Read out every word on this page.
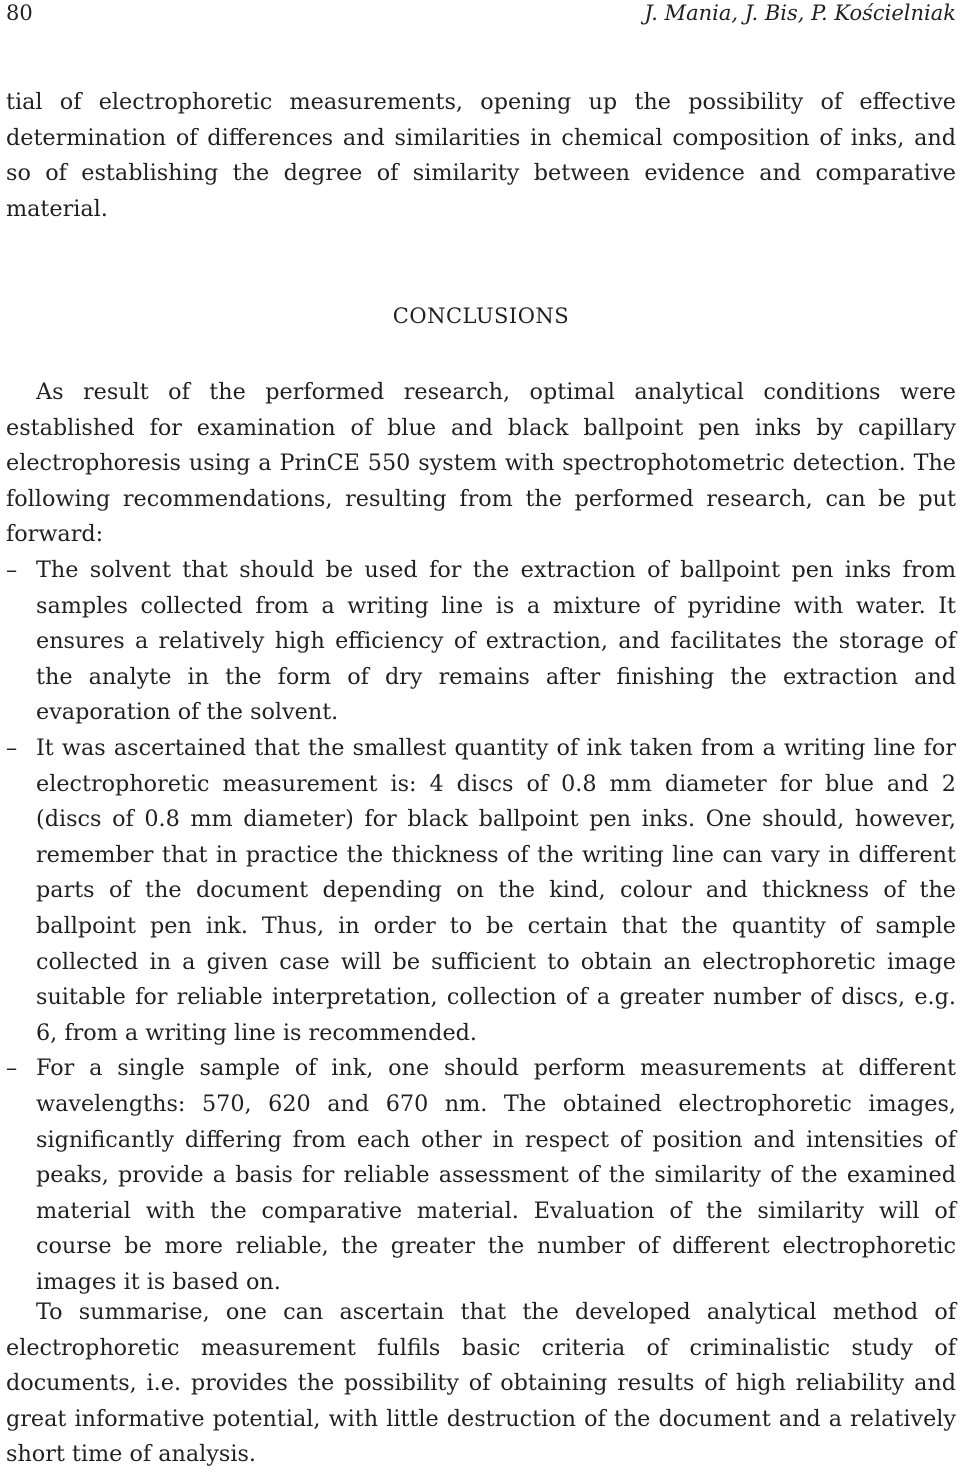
80	J. Mania, J. Bis, P. Kościelniak

tial of electrophoretic measurements, opening up the possibility of effective determination of differences and similarities in chemical composition of inks, and so of establishing the degree of similarity between evidence and comparative material.

CONCLUSIONS

As result of the performed research, optimal analytical conditions were established for examination of blue and black ballpoint pen inks by capillary electrophoresis using a PrinCE 550 system with spectrophotometric detection. The following recommendations, resulting from the performed research, can be put forward:

– The solvent that should be used for the extraction of ballpoint pen inks from samples collected from a writing line is a mixture of pyridine with water. It ensures a relatively high efficiency of extraction, and facilitates the storage of the analyte in the form of dry remains after finishing the extraction and evaporation of the solvent.
– It was ascertained that the smallest quantity of ink taken from a writing line for electrophoretic measurement is: 4 discs of 0.8 mm diameter for blue and 2 (discs of 0.8 mm diameter) for black ballpoint pen inks. One should, however, remember that in practice the thickness of the writing line can vary in different parts of the document depending on the kind, colour and thickness of the ballpoint pen ink. Thus, in order to be certain that the quantity of sample collected in a given case will be sufficient to obtain an electrophoretic image suitable for reliable interpretation, collection of a greater number of discs, e.g. 6, from a writing line is recommended.
– For a single sample of ink, one should perform measurements at different wavelengths: 570, 620 and 670 nm. The obtained electrophoretic images, significantly differing from each other in respect of position and intensities of peaks, provide a basis for reliable assessment of the similarity of the examined material with the comparative material. Evaluation of the similarity will of course be more reliable, the greater the number of different electrophoretic images it is based on.

To summarise, one can ascertain that the developed analytical method of electrophoretic measurement fulfils basic criteria of criminalistic study of documents, i.e. provides the possibility of obtaining results of high reliability and great informative potential, with little destruction of the document and a relatively short time of analysis.
